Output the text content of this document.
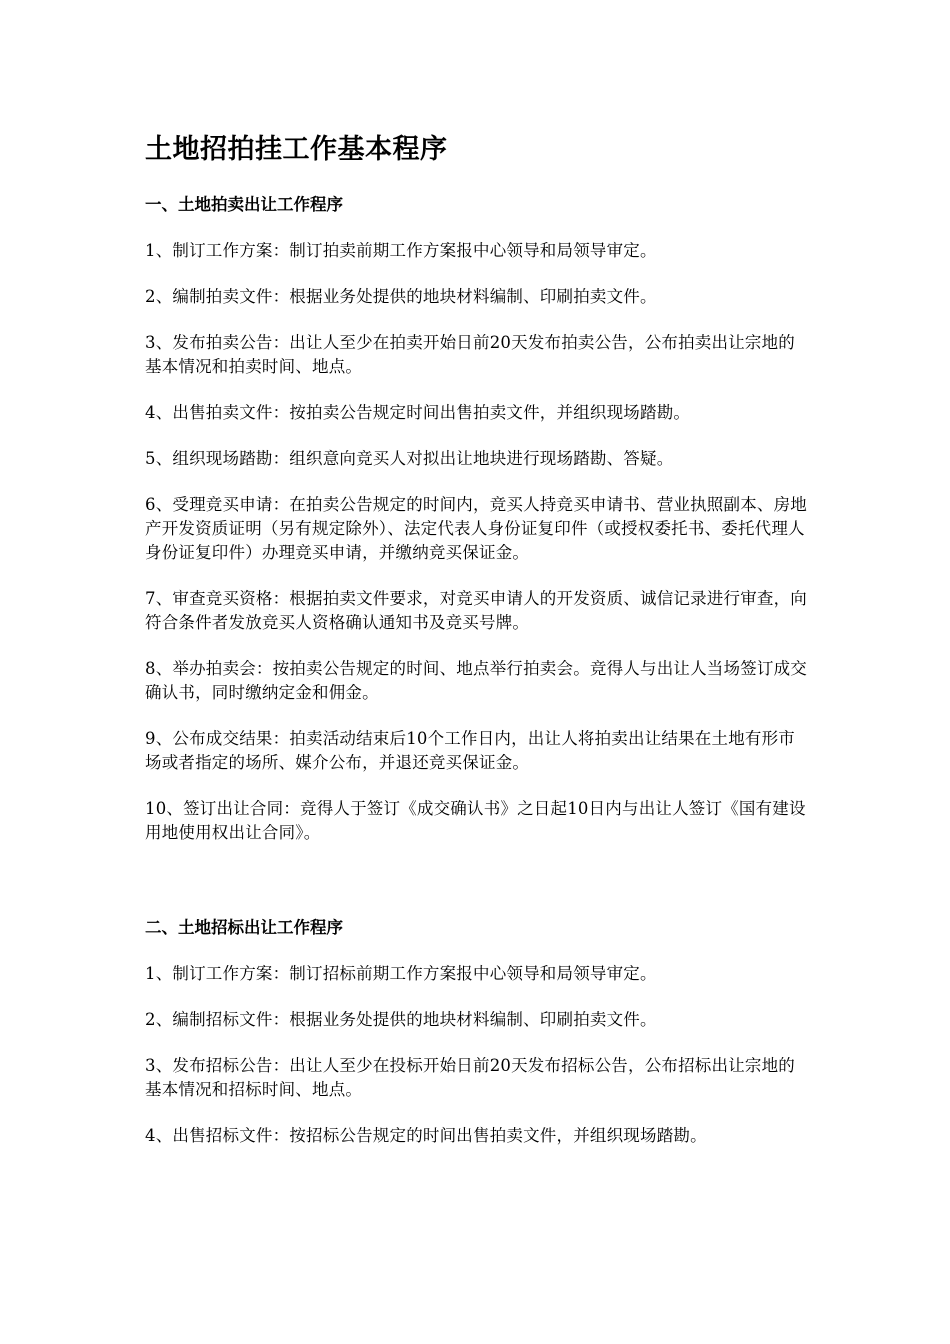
土地招拍挂工作基本程序
一、土地拍卖出让工作程序

1、制订工作方案：制订拍卖前期工作方案报中心领导和局领导审定。

2、编制拍卖文件：根据业务处提供的地块材料编制、印刷拍卖文件。

3、发布拍卖公告：出让人至少在拍卖开始日前20天发布拍卖公告，公布拍卖出让宗地的基本情况和拍卖时间、地点。

4、出售拍卖文件：按拍卖公告规定时间出售拍卖文件，并组织现场踏勘。

5、组织现场踏勘：组织意向竞买人对拟出让地块进行现场踏勘、答疑。

6、受理竞买申请：在拍卖公告规定的时间内，竞买人持竞买申请书、营业执照副本、房地产开发资质证明（另有规定除外）、法定代表人身份证复印件（或授权委托书、委托代理人身份证复印件）办理竞买申请，并缴纳竞买保证金。

7、审查竞买资格：根据拍卖文件要求，对竞买申请人的开发资质、诚信记录进行审查，向符合条件者发放竞买人资格确认通知书及竞买号牌。

8、举办拍卖会：按拍卖公告规定的时间、地点举行拍卖会。竞得人与出让人当场签订成交确认书，同时缴纳定金和佣金。

9、公布成交结果：拍卖活动结束后10个工作日内，出让人将拍卖出让结果在土地有形市场或者指定的场所、媒介公布，并退还竞买保证金。

10、签订出让合同：竞得人于签订《成交确认书》之日起10日内与出让人签订《国有建设用地使用权出让合同》。

二、土地招标出让工作程序

1、制订工作方案：制订招标前期工作方案报中心领导和局领导审定。

2、编制招标文件：根据业务处提供的地块材料编制、印刷拍卖文件。

3、发布招标公告：出让人至少在投标开始日前20天发布招标公告，公布招标出让宗地的基本情况和招标时间、地点。

4、出售招标文件：按招标公告规定的时间出售拍卖文件，并组织现场踏勘。
